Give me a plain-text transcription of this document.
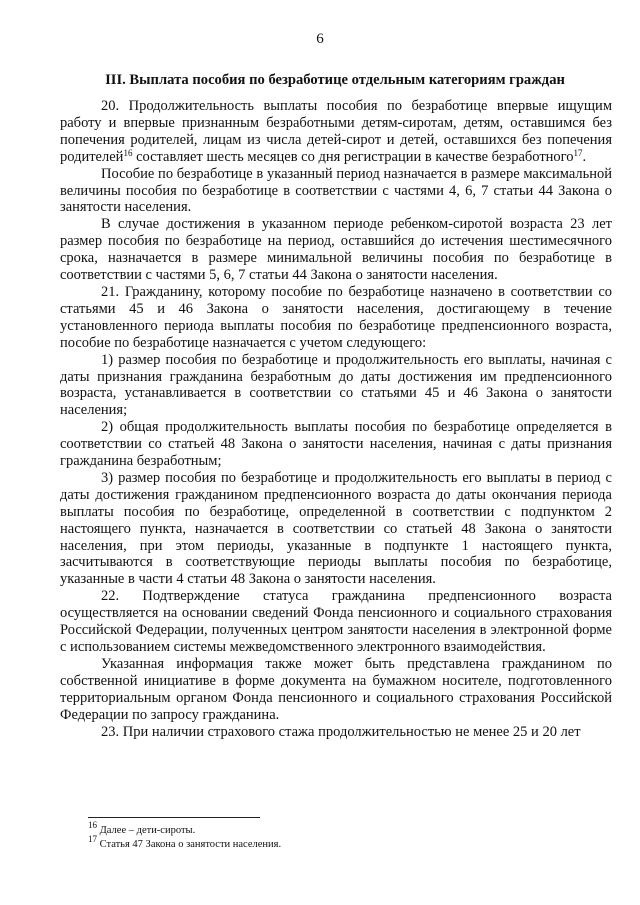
6
III. Выплата пособия по безработице отдельным категориям граждан

20. Продолжительность выплаты пособия по безработице впервые ищущим работу и впервые признанным безработными детям-сиротам, детям, оставшимся без попечения родителей, лицам из числа детей-сирот и детей, оставшихся без попечения родителей$^{16}$ составляет шесть месяцев со дня регистрации в качестве безработного$^{17}$.

Пособие по безработице в указанный период назначается в размере максимальной величины пособия по безработице в соответствии с частями 4, 6, 7 статьи 44 Закона о занятости населения.

В случае достижения в указанном периоде ребенком-сиротой возраста 23 лет размер пособия по безработице на период, оставшийся до истечения шестимесячного срока, назначается в размере минимальной величины пособия по безработице в соответствии с частями 5, 6, 7 статьи 44 Закона о занятости населения.

21. Гражданину, которому пособие по безработице назначено в соответствии со статьями 45 и 46 Закона о занятости населения, достигающему в течение установленного периода выплаты пособия по безработице предпенсионного возраста, пособие по безработице назначается с учетом следующего:

1) размер пособия по безработице и продолжительность его выплаты, начиная с даты признания гражданина безработным до даты достижения им предпенсионного возраста, устанавливается в соответствии со статьями 45 и 46 Закона о занятости населения;

2) общая продолжительность выплаты пособия по безработице определяется в соответствии со статьей 48 Закона о занятости населения, начиная с даты признания гражданина безработным;

3) размер пособия по безработице и продолжительность его выплаты в период с даты достижения гражданином предпенсионного возраста до даты окончания периода выплаты пособия по безработице, определенной в соответствии с подпунктом 2 настоящего пункта, назначается в соответствии со статьей 48 Закона о занятости населения, при этом периоды, указанные в подпункте 1 настоящего пункта, засчитываются в соответствующие периоды выплаты пособия по безработице, указанные в части 4 статьи 48 Закона о занятости населения.

22. Подтверждение статуса гражданина предпенсионного возраста осуществляется на основании сведений Фонда пенсионного и социального страхования Российской Федерации, полученных центром занятости населения в электронной форме с использованием системы межведомственного электронного взаимодействия.

Указанная информация также может быть представлена гражданином по собственной инициативе в форме документа на бумажном носителе, подготовленного территориальным органом Фонда пенсионного и социального страхования Российской Федерации по запросу гражданина.

23. При наличии страхового стажа продолжительностью не менее 25 и 20 лет

$^{16}$ Далее – дети-сироты.
$^{17}$ Статья 47 Закона о занятости населения.
